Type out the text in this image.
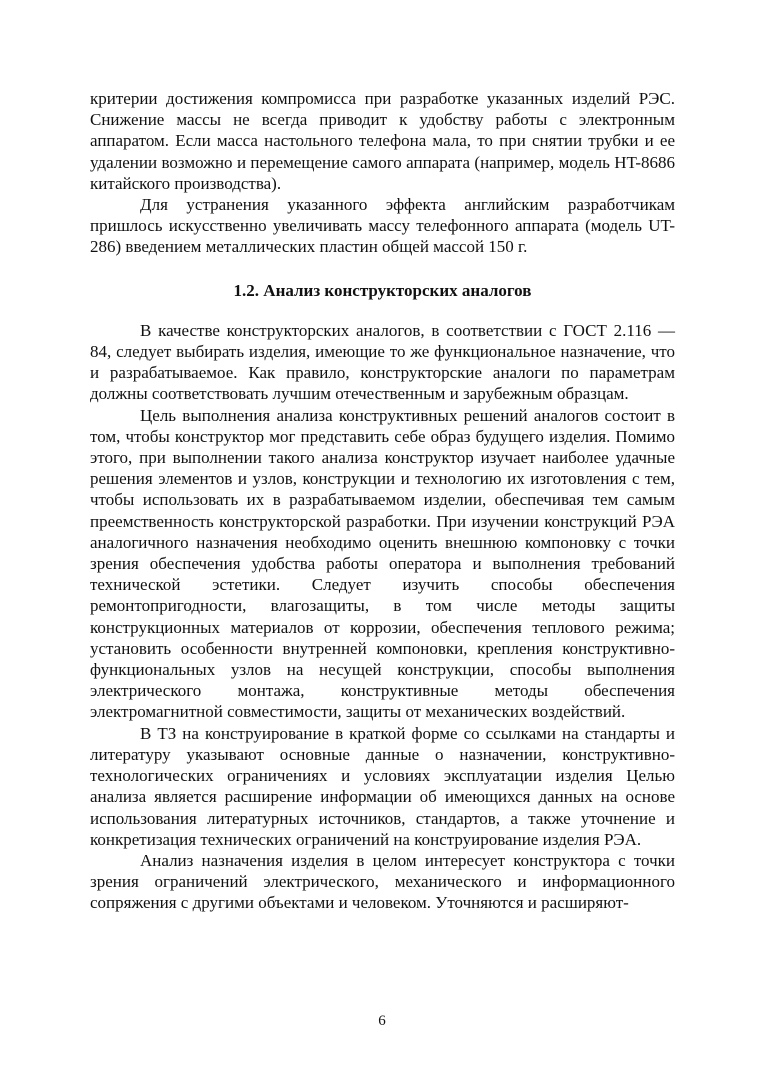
критерии достижения компромисса при разработке указанных изделий РЭС. Снижение массы не всегда приводит к удобству работы с электронным аппаратом. Если масса настольного телефона мала, то при снятии трубки и ее удалении возможно и перемещение самого аппарата (например, модель HT-8686 китайского производства).

Для устранения указанного эффекта английским разработчикам пришлось искусственно увеличивать массу телефонного аппарата (модель UT-286) введением металлических пластин общей массой 150 г.

1.2. Анализ конструкторских аналогов

В качестве конструкторских аналогов, в соответствии с ГОСТ 2.116 — 84, следует выбирать изделия, имеющие то же функциональное назначение, что и разрабатываемое. Как правило, конструкторские аналоги по параметрам должны соответствовать лучшим отечественным и зарубежным образцам.

Цель выполнения анализа конструктивных решений аналогов состоит в том, чтобы конструктор мог представить себе образ будущего изделия. Помимо этого, при выполнении такого анализа конструктор изучает наиболее удачные решения элементов и узлов, конструкции и технологию их изготовления с тем, чтобы использовать их в разрабатываемом изделии, обеспечивая тем самым преемственность конструкторской разработки. При изучении конструкций РЭА аналогичного назначения необходимо оценить внешнюю компоновку с точки зрения обеспечения удобства работы оператора и выполнения требований технической эстетики. Следует изучить способы обеспечения ремонтопригодности, влагозащиты, в том числе методы защиты конструкционных материалов от коррозии, обеспечения теплового режима; установить особенности внутренней компоновки, крепления конструктивно-функциональных узлов на несущей конструкции, способы выполнения электрического монтажа, конструктивные методы обеспечения электромагнитной совместимости, защиты от механических воздействий.

В ТЗ на конструирование в краткой форме со ссылками на стандарты и литературу указывают основные данные о назначении, конструктивно-технологических ограничениях и условиях эксплуатации изделия Целью анализа является расширение информации об имеющихся данных на основе использования литературных источников, стандартов, а также уточнение и конкретизация технических ограничений на конструирование изделия РЭА.

Анализ назначения изделия в целом интересует конструктора с точки зрения ограничений электрического, механического и информационного сопряжения с другими объектами и человеком. Уточняются и расширяют-

6
